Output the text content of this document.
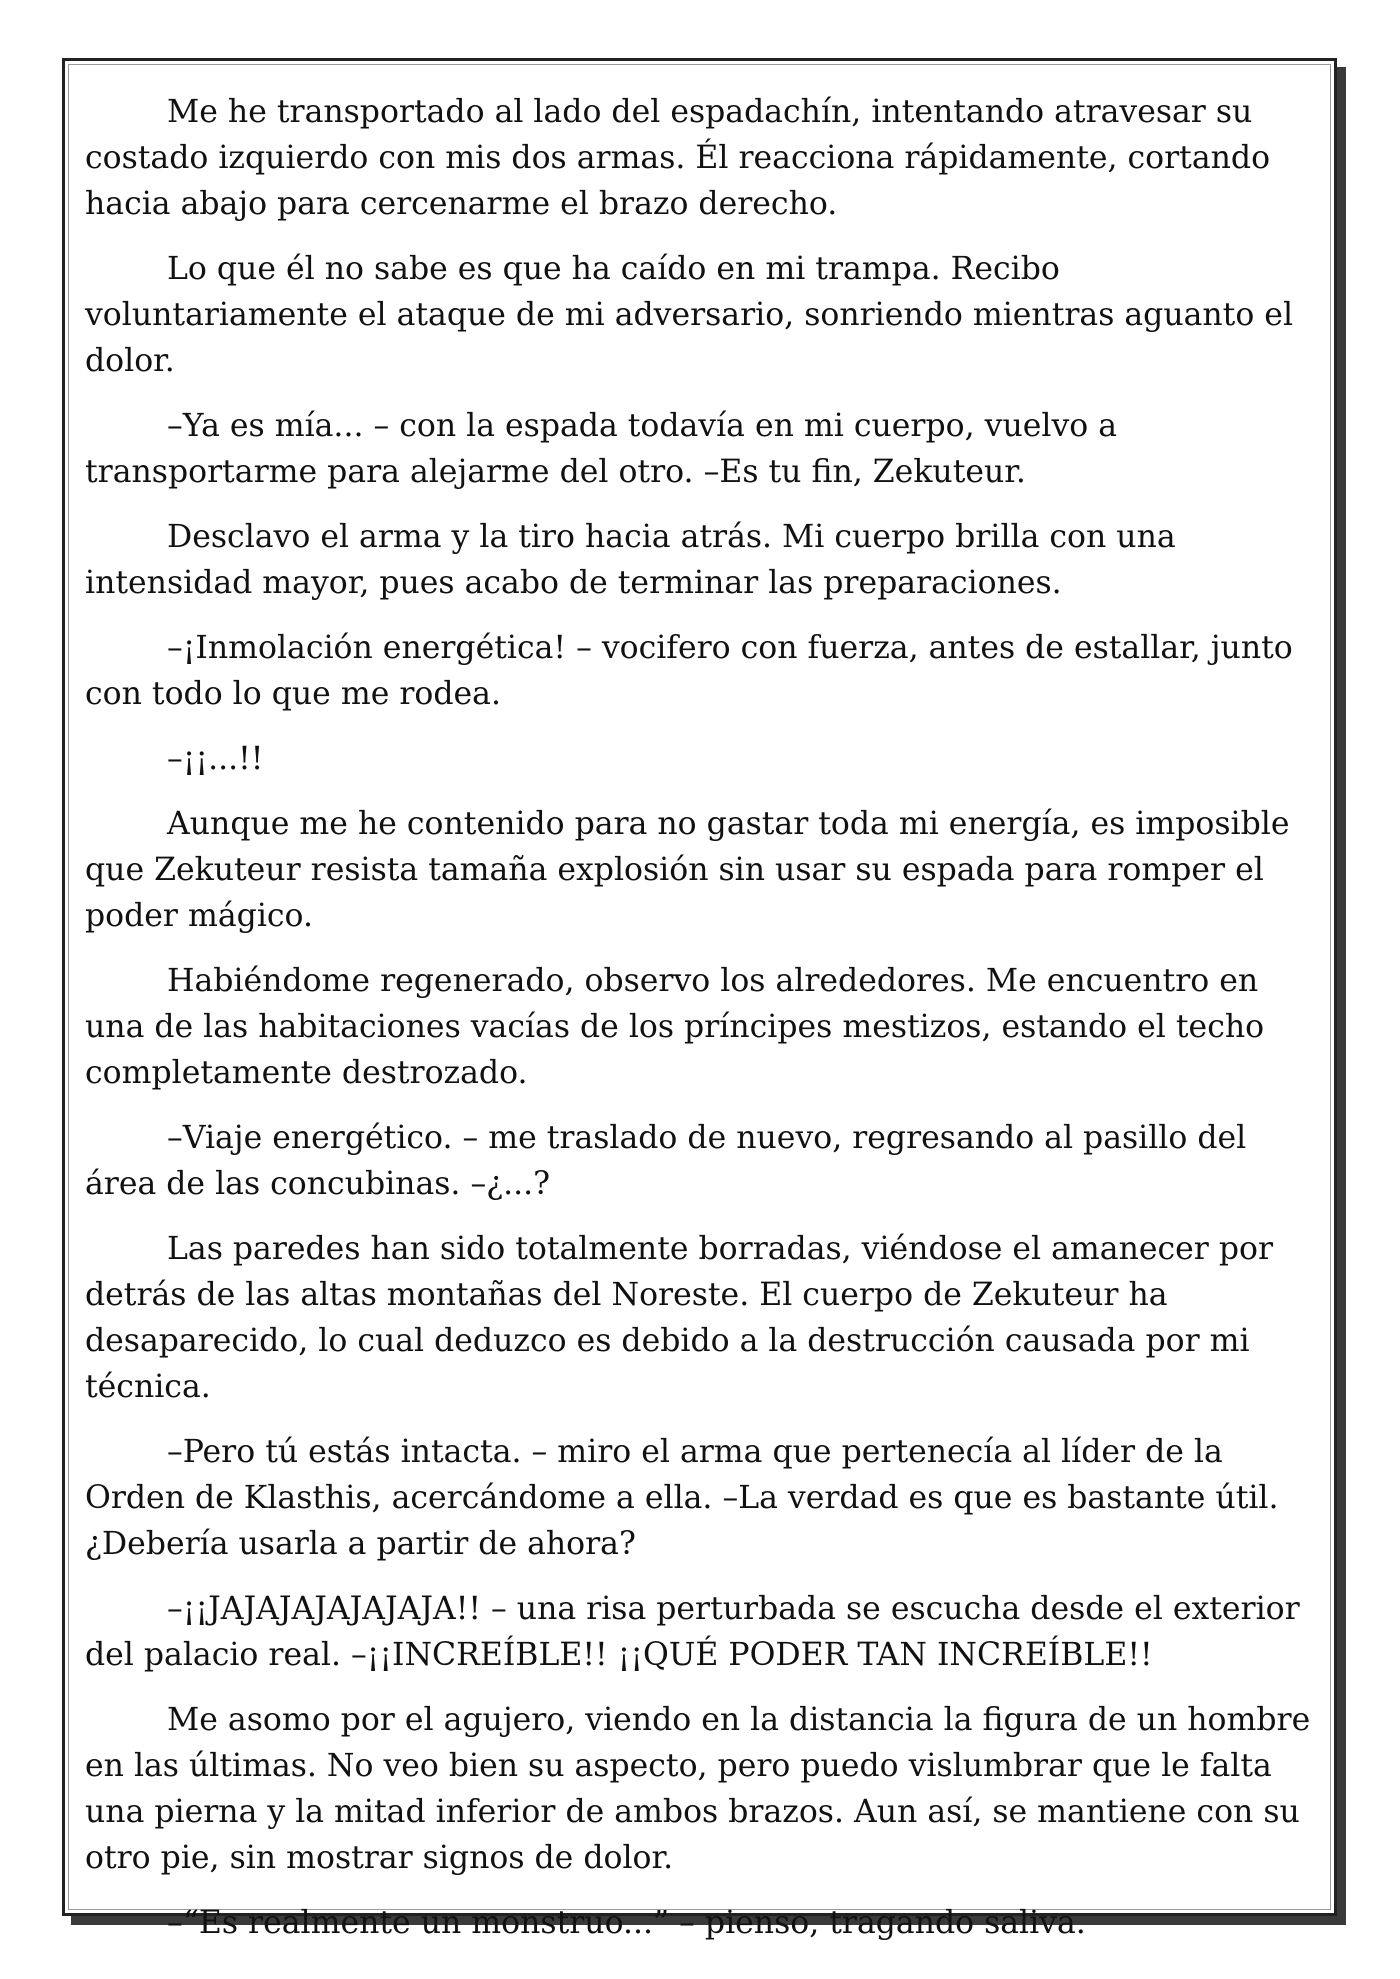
Me he transportado al lado del espadachín, intentando atravesar su costado izquierdo con mis dos armas. Él reacciona rápidamente, cortando hacia abajo para cercenarme el brazo derecho.

Lo que él no sabe es que ha caído en mi trampa. Recibo voluntariamente el ataque de mi adversario, sonriendo mientras aguanto el dolor.

–Ya es mía... – con la espada todavía en mi cuerpo, vuelvo a transportarme para alejarme del otro. –Es tu fin, Zekuteur.

Desclavo el arma y la tiro hacia atrás. Mi cuerpo brilla con una intensidad mayor, pues acabo de terminar las preparaciones.

–¡Inmolación energética! – vocifero con fuerza, antes de estallar, junto con todo lo que me rodea.

–¡¡...!!

Aunque me he contenido para no gastar toda mi energía, es imposible que Zekuteur resista tamaña explosión sin usar su espada para romper el poder mágico.

Habiéndome regenerado, observo los alrededores. Me encuentro en una de las habitaciones vacías de los príncipes mestizos, estando el techo completamente destrozado.

–Viaje energético. – me traslado de nuevo, regresando al pasillo del área de las concubinas. –¿...?

Las paredes han sido totalmente borradas, viéndose el amanecer por detrás de las altas montañas del Noreste. El cuerpo de Zekuteur ha desaparecido, lo cual deduzco es debido a la destrucción causada por mi técnica.

–Pero tú estás intacta. – miro el arma que pertenecía al líder de la Orden de Klasthis, acercándome a ella. –La verdad es que es bastante útil. ¿Debería usarla a partir de ahora?

–¡¡JAJAJAJAJAJAJA!! – una risa perturbada se escucha desde el exterior del palacio real. –¡¡INCREÍBLE!! ¡¡QUÉ PODER TAN INCREÍBLE!!

Me asomo por el agujero, viendo en la distancia la figura de un hombre en las últimas. No veo bien su aspecto, pero puedo vislumbrar que le falta una pierna y la mitad inferior de ambos brazos. Aun así, se mantiene con su otro pie, sin mostrar signos de dolor.

–“Es realmente un monstruo...” – pienso, tragando saliva.
